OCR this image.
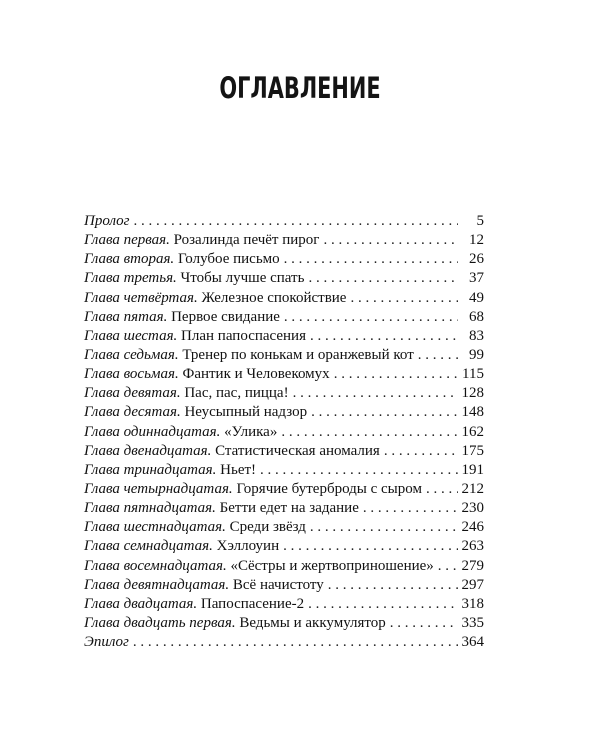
ОГЛАВЛЕНИЕ
Пролог . . .	5
Глава первая. Розалинда печёт пирог . . .	12
Глава вторая. Голубое письмо . . .	26
Глава третья. Чтобы лучше спать . . .	37
Глава четвёртая. Железное спокойствие . . .	49
Глава пятая. Первое свидание . . .	68
Глава шестая. План папоспасения . . .	83
Глава седьмая. Тренер по конькам и оранжевый кот . . .	99
Глава восьмая. Фантик и Человекомух . . .	115
Глава девятая. Пас, пас, пицца! . . .	128
Глава десятая. Неусыпный надзор . . .	148
Глава одиннадцатая. «Улика» . . .	162
Глава двенадцатая. Статистическая аномалия . . .	175
Глава тринадцатая. Ньет! . . .	191
Глава четырнадцатая. Горячие бутерброды с сыром . . .	212
Глава пятнадцатая. Бетти едет на задание . . .	230
Глава шестнадцатая. Среди звёзд . . .	246
Глава семнадцатая. Хэллоуин . . .	263
Глава восемнадцатая. «Сёстры и жертвоприношение» . . . 279
Глава девятнадцатая. Всё начистоту . . .	297
Глава двадцатая. Папоспасение-2 . . .	318
Глава двадцать первая. Ведьмы и аккумулятор . . .	335
Эпилог . . .	364
